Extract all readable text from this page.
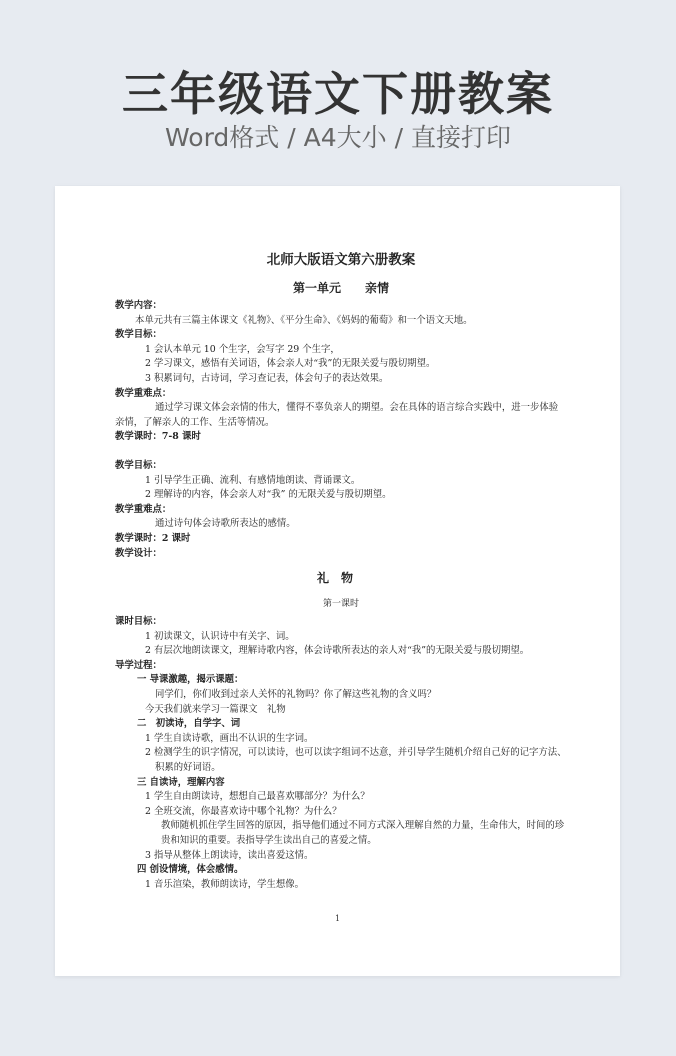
三年级语文下册教案
Word格式 / A4大小 / 直接打印
北师大版语文第六册教案
第一单元　　亲情
教学内容：
本单元共有三篇主体课文《礼物》、《平分生命》、《妈妈的葡萄》和一个语文天地。
教学目标：
1 会认本单元 10 个生字，会写字 29 个生字，
2 学习课文，感悟有关词语，体会亲人对“我”的无限关爱与殷切期望。
3 积累词句，古诗词，学习查记表，体会句子的表达效果。
教学重难点：
通过学习课文体会亲情的伟大，懂得不辜负亲人的期望。会在具体的语言综合实践中，进一步体验亲情，了解亲人的工作、生活等情况。
教学课时：7-8 课时
教学目标：
1 引导学生正确、流利、有感情地朗读、背诵课文。
2 理解诗的内容，体会亲人对“我” 的无限关爱与殷切期望。
教学重难点：
通过诗句体会诗歌所表达的感情。
教学课时：2 课时
教学设计：
礼物
第一课时
课时目标：
1 初读课文，认识诗中有关字、词。
2 有层次地朗读课文，理解诗歌内容，体会诗歌所表达的亲人对“我”的无限关爱与殷切期望。
导学过程：
一 导课激趣，揭示课题：
同学们，你们收到过亲人关怀的礼物吗？你了解这些礼物的含义吗？
今天我们就来学习一篇课文　礼物
二　初读诗，自学字、词
1 学生自读诗歌，画出不认识的生字词。
2 检测学生的识字情况，可以读诗，也可以读字组词不达意，并引导学生随机介绍自己好的记字方法、积累的好词语。
三 自读诗，理解内容
1 学生自由朗读诗，想想自己最喜欢哪部分？为什么？
2 全班交流，你最喜欢诗中哪个礼物？为什么？
教师随机抓住学生回答的原因，指导他们通过不同方式深入理解自然的力量，生命伟大，时间的珍贵和知识的重要。表指导学生读出自己的喜爱之情。
3 指导从整体上朗读诗，读出喜爱这情。
四 创设情境，体会感情。
1 音乐渲染，教师朗读诗，学生想像。
1
